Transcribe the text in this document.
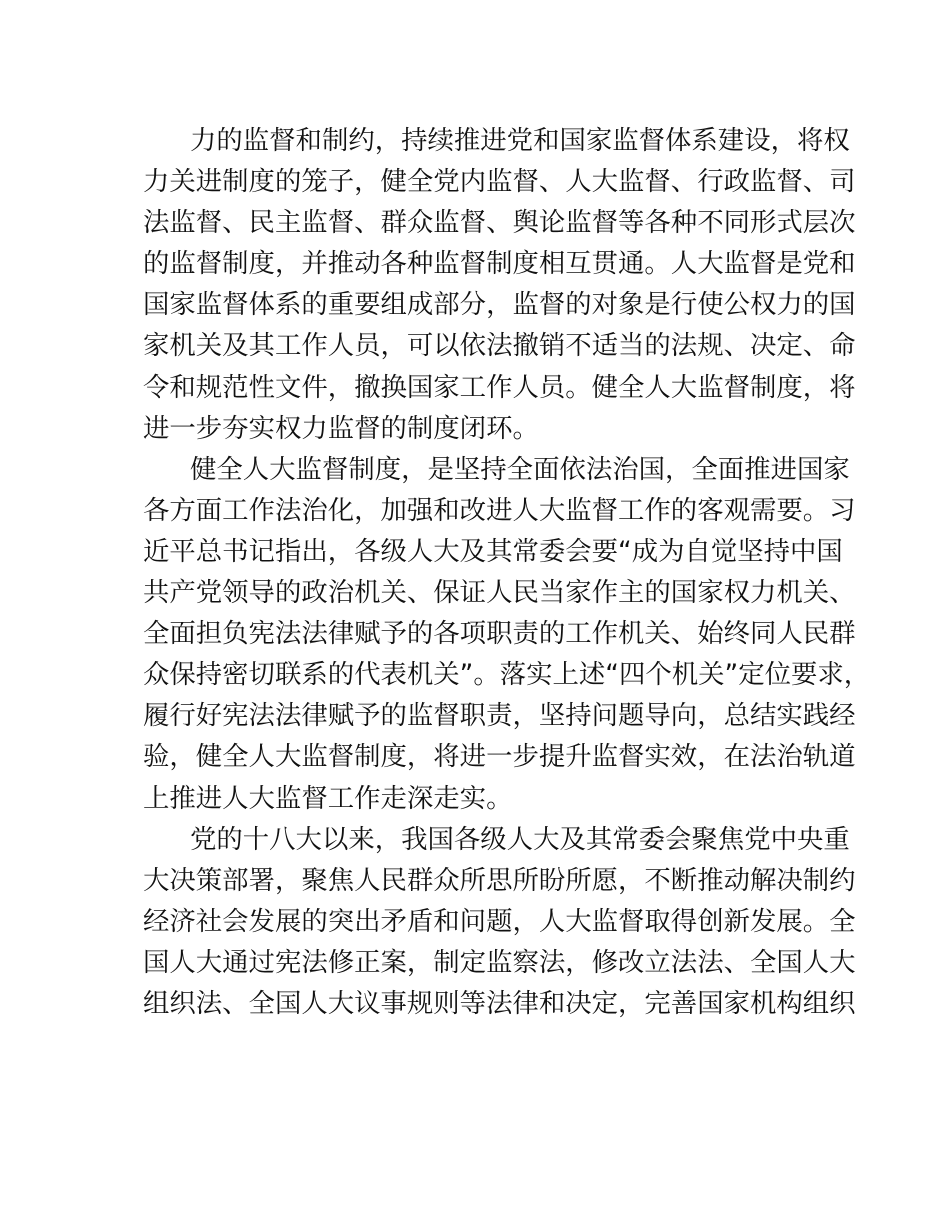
力的监督和制约，持续推进党和国家监督体系建设，将权
力关进制度的笼子，健全党内监督、人大监督、行政监督、司
法监督、民主监督、群众监督、舆论监督等各种不同形式层次
的监督制度，并推动各种监督制度相互贯通。人大监督是党和
国家监督体系的重要组成部分，监督的对象是行使公权力的国
家机关及其工作人员，可以依法撤销不适当的法规、决定、命
令和规范性文件，撤换国家工作人员。健全人大监督制度，将
进一步夯实权力监督的制度闭环。
健全人大监督制度，是坚持全面依法治国，全面推进国家
各方面工作法治化，加强和改进人大监督工作的客观需要。习
近平总书记指出，各级人大及其常委会要“成为自觉坚持中国
共产党领导的政治机关、保证人民当家作主的国家权力机关、
全面担负宪法法律赋予的各项职责的工作机关、始终同人民群
众保持密切联系的代表机关”。落实上述“四个机关”定位要求，
履行好宪法法律赋予的监督职责，坚持问题导向，总结实践经
验，健全人大监督制度，将进一步提升监督实效，在法治轨道
上推进人大监督工作走深走实。
党的十八大以来，我国各级人大及其常委会聚焦党中央重
大决策部署，聚焦人民群众所思所盼所愿，不断推动解决制约
经济社会发展的突出矛盾和问题，人大监督取得创新发展。全
国人大通过宪法修正案，制定监察法，修改立法法、全国人大
组织法、全国人大议事规则等法律和决定，完善国家机构组织
